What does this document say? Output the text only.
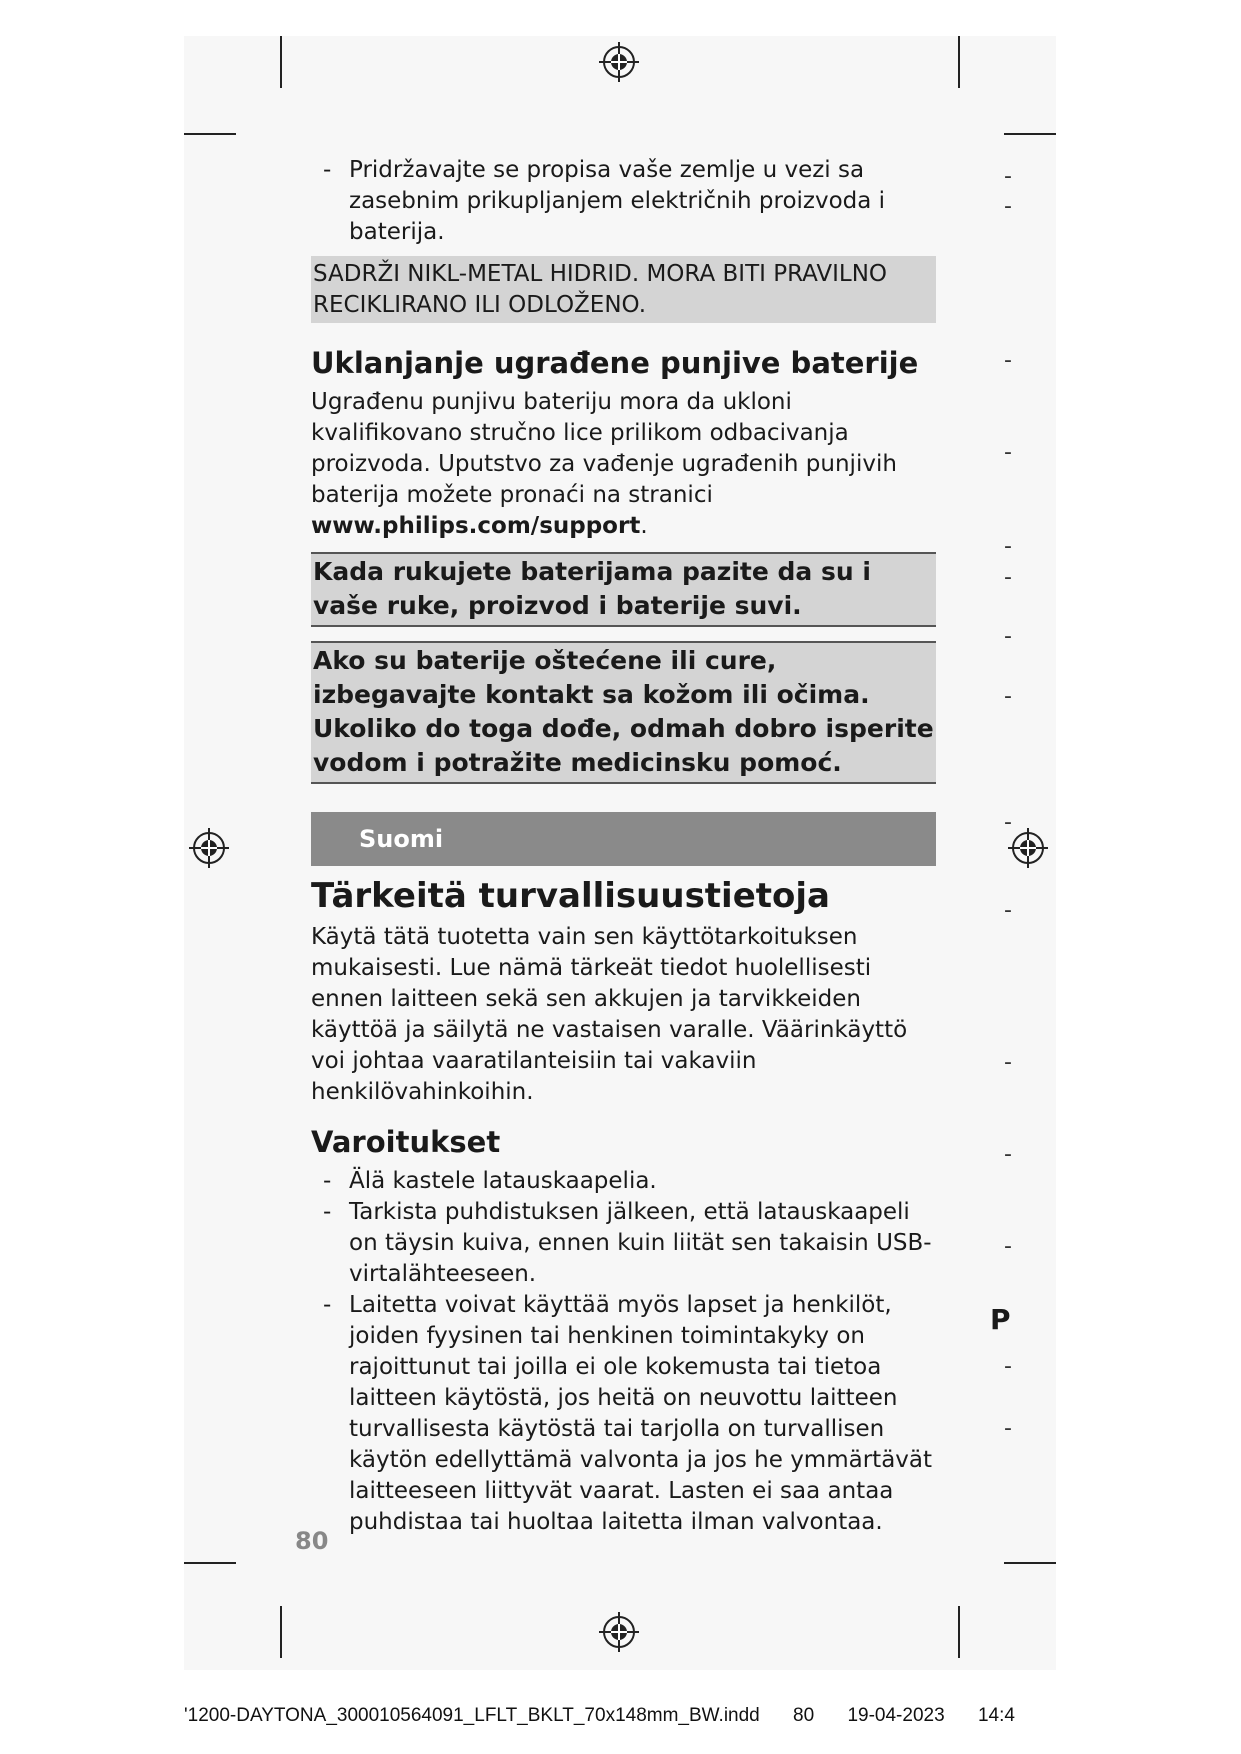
- Pridržavajte se propisa vaše zemlje u vezi sa zasebnim prikupljanjem električnih proizvoda i baterija.
SADRŽI NIKL-METAL HIDRID. MORA BITI PRAVILNO RECIKLIRANO ILI ODLOŽENO.
Uklanjanje ugrađene punjive baterije

Ugrađenu punjivu bateriju mora da ukloni kvalifikovano stručno lice prilikom odbacivanja proizvoda. Uputstvo za vađenje ugrađenih punjivih baterija možete pronaći na stranici www.philips.com/support.

Kada rukujete baterijama pazite da su i vaše ruke, proizvod i baterije suvi.
Ako su baterije oštećene ili cure, izbegavajte kontakt sa kožom ili očima. Ukoliko do toga dođe, odmah dobro isperite vodom i potražite medicinsku pomoć.
Suomi
Tärkeitä turvallisuustietoja

Käytä tätä tuotetta vain sen käyttötarkoituksen mukaisesti. Lue nämä tärkeät tiedot huolellisesti ennen laitteen sekä sen akkujen ja tarvikkeiden käyttöä ja säilytä ne vastaisen varalle. Väärinkäyttö voi johtaa vaaratilanteisiin tai vakaviin henkilövahinkoihin.

Varoitukset
- Älä kastele latauskaapelia.
- Tarkista puhdistuksen jälkeen, että latauskaapeli on täysin kuiva, ennen kuin liität sen takaisin USB-virtalähteeseen.
- Laitetta voivat käyttää myös lapset ja henkilöt, joiden fyysinen tai henkinen toimintakyky on rajoittunut tai joilla ei ole kokemusta tai tietoa laitteen käytöstä, jos heitä on neuvottu laitteen turvallisesta käytöstä tai tarjolla on turvallisen käytön edellyttämä valvonta ja jos he ymmärtävät laitteeseen liittyvät vaarat. Lasten ei saa antaa puhdistaa tai huoltaa laitetta ilman valvontaa.
80
-
-
-
-
-
-
-
-
-
-
-
-
-
-
-
P
'1200-DAYTONA_300010564091_LFLT_BKLT_70x148mm_BW.indd 80 19-04-2023 14:4
